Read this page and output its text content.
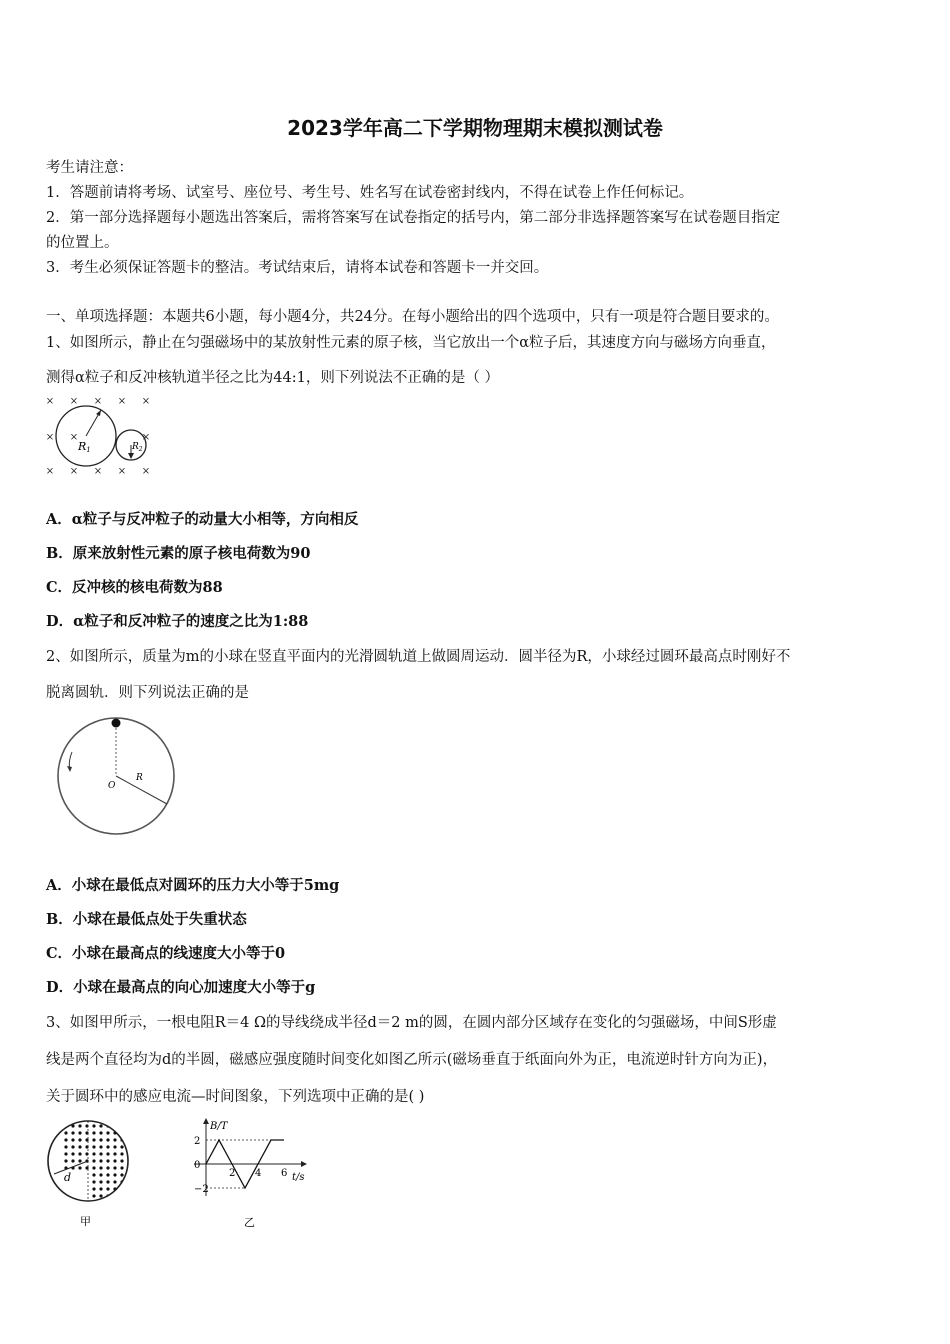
2023学年高二下学期物理期末模拟测试卷
考生请注意：
1．答题前请将考场、试室号、座位号、考生号、姓名写在试卷密封线内，不得在试卷上作任何标记。
2．第一部分选择题每小题选出答案后，需将答案写在试卷指定的括号内，第二部分非选择题答案写在试卷题目指定
的位置上。
3．考生必须保证答题卡的整洁。考试结束后，请将本试卷和答题卡一并交回。
一、单项选择题：本题共6小题，每小题4分，共24分。在每小题给出的四个选项中，只有一项是符合题目要求的。
1、如图所示，静止在匀强磁场中的某放射性元素的原子核，当它放出一个α粒子后，其速度方向与磁场方向垂直，
测得α粒子和反冲核轨道半径之比为44:1，则下列说法不正确的是（ ）
× × × × ×
× ×	×
× × × × ×
R1	$R_2$
A．α粒子与反冲粒子的动量大小相等，方向相反
B．原来放射性元素的原子核电荷数为90
C．反冲核的核电荷数为88
D．α粒子和反冲粒子的速度之比为1:88
2、如图所示，质量为m的小球在竖直平面内的光滑圆轨道上做圆周运动．圆半径为R，小球经过圆环最高点时刚好不
脱离圆轨．则下列说法正确的是
O
R
A．小球在最低点对圆环的压力大小等于5mg
B．小球在最低点处于失重状态
C．小球在最高点的线速度大小等于0
D．小球在最高点的向心加速度大小等于g
3、如图甲所示，一根电阻R＝4 Ω的导线绕成半径d＝2 m的圆，在圆内部分区域存在变化的匀强磁场，中间S形虚
线是两个直径均为d的半圆，磁感应强度随时间变化如图乙所示(磁场垂直于纸面向外为正，电流逆时针方向为正)，
关于圆环中的感应电流—时间图象，下列选项中正确的是( )
d
甲
B/T
t/s
2
0
−2
2 4 6
乙
